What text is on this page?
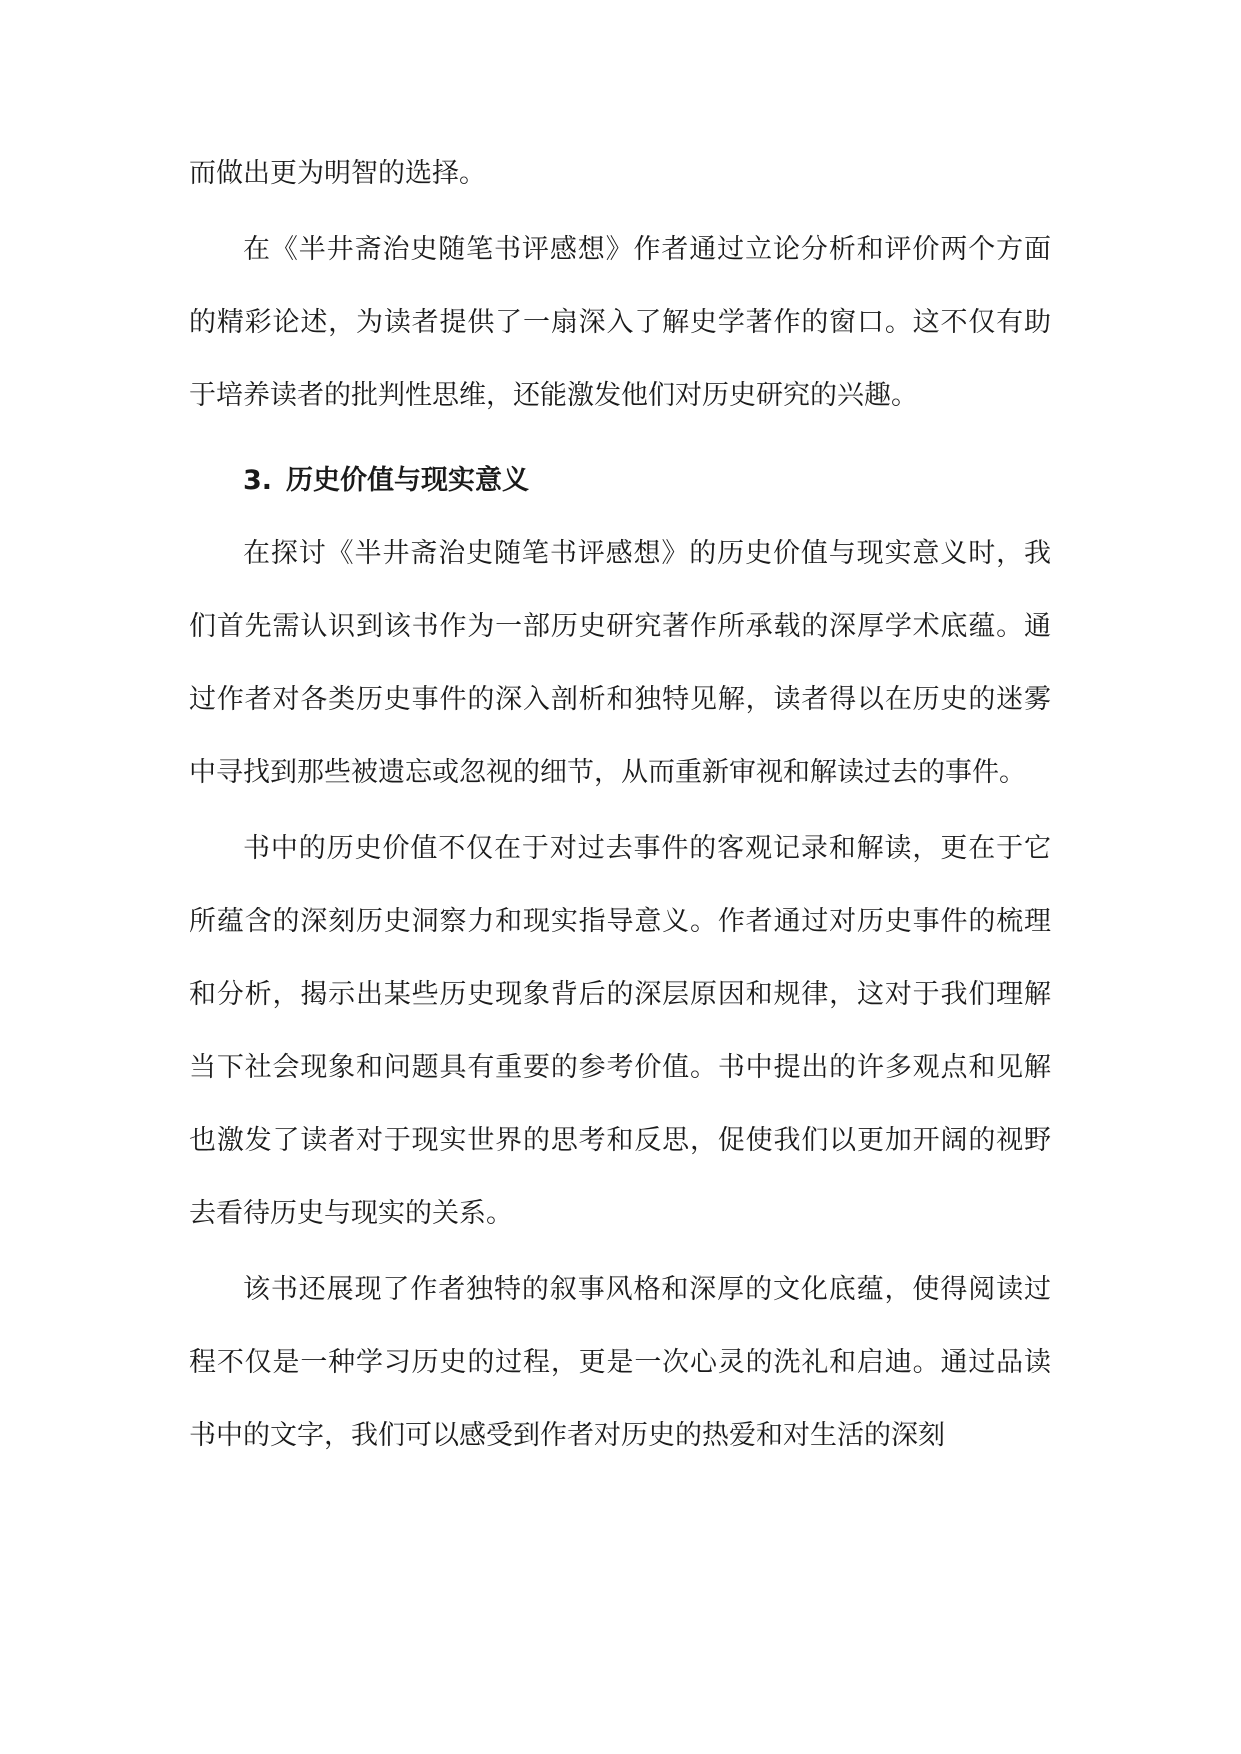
而做出更为明智的选择。

在《半井斋治史随笔书评感想》作者通过立论分析和评价两个方面的精彩论述，为读者提供了一扇深入了解史学著作的窗口。这不仅有助于培养读者的批判性思维，还能激发他们对历史研究的兴趣。

3. 历史价值与现实意义

在探讨《半井斋治史随笔书评感想》的历史价值与现实意义时，我们首先需认识到该书作为一部历史研究著作所承载的深厚学术底蕴。通过作者对各类历史事件的深入剖析和独特见解，读者得以在历史的迷雾中寻找到那些被遗忘或忽视的细节，从而重新审视和解读过去的事件。

书中的历史价值不仅在于对过去事件的客观记录和解读，更在于它所蕴含的深刻历史洞察力和现实指导意义。作者通过对历史事件的梳理和分析，揭示出某些历史现象背后的深层原因和规律，这对于我们理解当下社会现象和问题具有重要的参考价值。书中提出的许多观点和见解也激发了读者对于现实世界的思考和反思，促使我们以更加开阔的视野去看待历史与现实的关系。

该书还展现了作者独特的叙事风格和深厚的文化底蕴，使得阅读过程不仅是一种学习历史的过程，更是一次心灵的洗礼和启迪。通过品读书中的文字，我们可以感受到作者对历史的热爱和对生活的深刻
